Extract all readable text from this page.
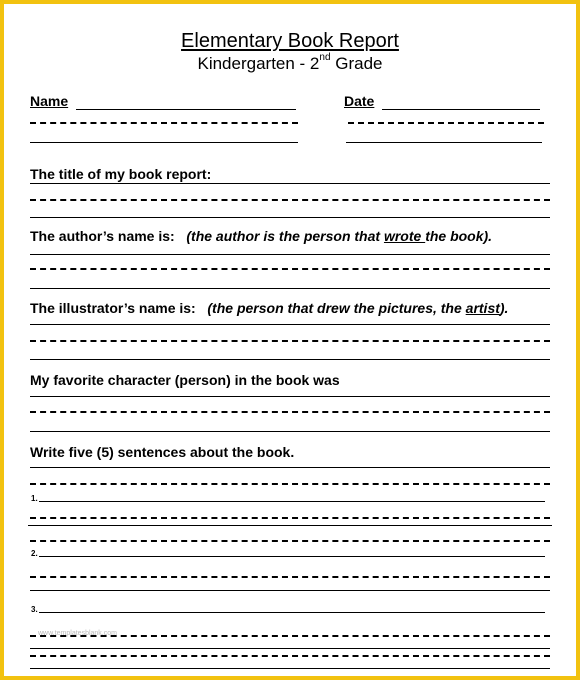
Elementary Book Report
Kindergarten - 2nd Grade
Name	Date
The title of my book report:
The author’s name is: (the author is the person that wrote the book).
The illustrator’s name is: (the person that drew the pictures, the artist).
My favorite character (person) in the book was
Write five (5) sentences about the book.
1.
2.
3.
www.templatesblank.com
